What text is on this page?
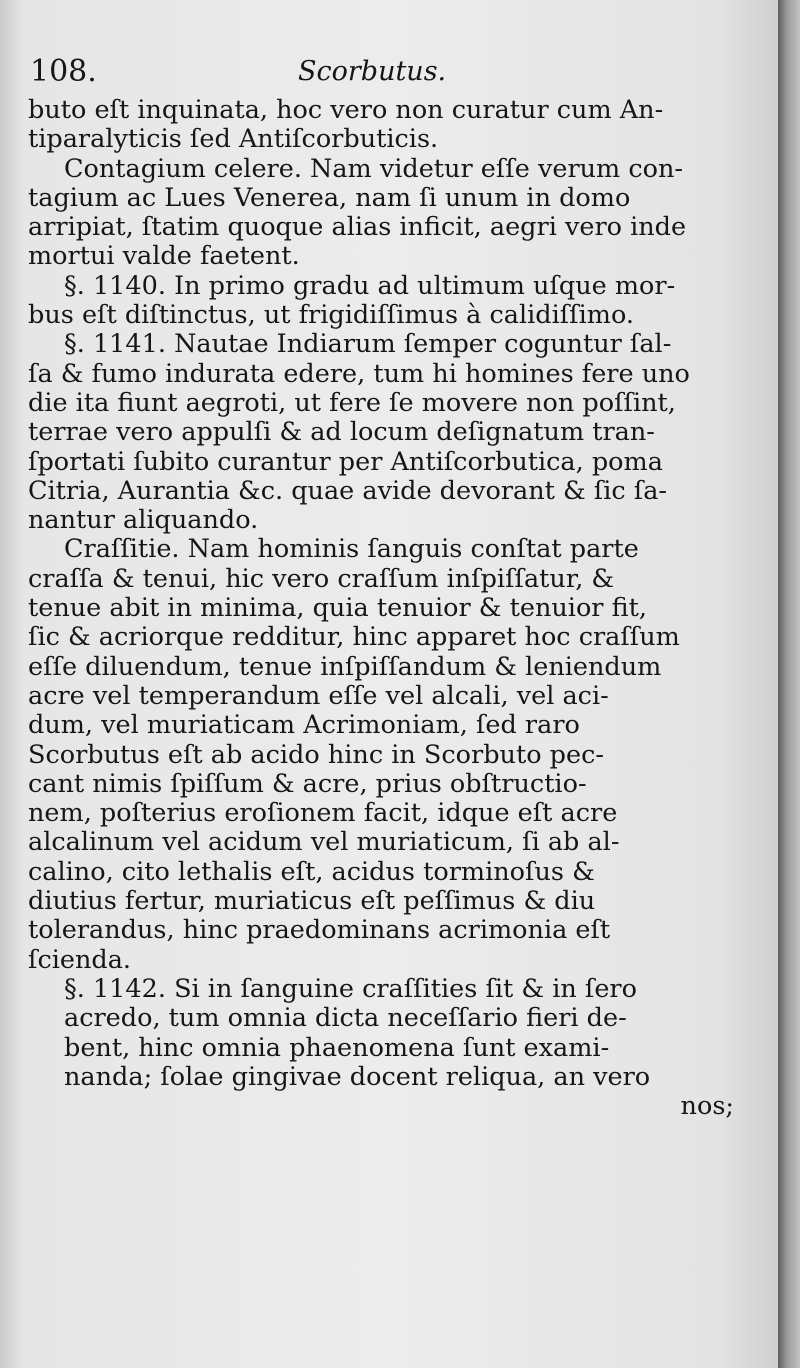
108.	Scorbutus.
buto eſt inquinata, hoc vero non curatur cum An-
tiparalyticis ſed Antiſcorbuticis.
Contagium celere. Nam videtur eſſe verum con-
tagium ac Lues Venerea, nam ſi unum in domo
arripiat, ſtatim quoque alias inficit, aegri vero inde
mortui valde faetent.
§. 1140. In primo gradu ad ultimum uſque mor-
bus eſt diſtinctus, ut frigidiſſimus à calidiſſimo.
§. 1141. Nautae Indiarum ſemper coguntur ſal-
ſa & fumo indurata edere, tum hi homines fere uno
die ita fiunt aegroti, ut fere ſe movere non poſſint,
terrae vero appulſi & ad locum deſignatum tran-
ſportati ſubito curantur per Antiſcorbutica, poma
Citria, Aurantia &c. quae avide devorant & ſic ſa-
nantur aliquando.
Craſſitie. Nam hominis ſanguis conſtat parte
craſſa & tenui, hic vero craſſum inſpiſſatur, &
tenue abit in minima, quia tenuior & tenuior fit,
ſic & acriorque redditur, hinc apparet hoc craſſum
eſſe diluendum, tenue inſpiſſandum & leniendum
acre vel temperandum eſſe vel alcali, vel aci-
dum, vel muriaticam Acrimoniam, ſed raro
Scorbutus eſt ab acido hinc in Scorbuto pec-
cant nimis ſpiſſum & acre, prius obſtructio-
nem, poſterius eroſionem facit, idque eſt acre
alcalinum vel acidum vel muriaticum, ſi ab al-
calino, cito lethalis eſt, acidus torminoſus &
diutius fertur, muriaticus eſt peſſimus & diu
tolerandus, hinc praedominans acrimonia eſt
ſcienda.
§. 1142. Si in ſanguine craſſities ſit & in ſero
acredo, tum omnia dicta neceſſario fieri de-
bent, hinc omnia phaenomena ſunt exami-
nanda; ſolae gingivae docent reliqua, an vero
nos;
